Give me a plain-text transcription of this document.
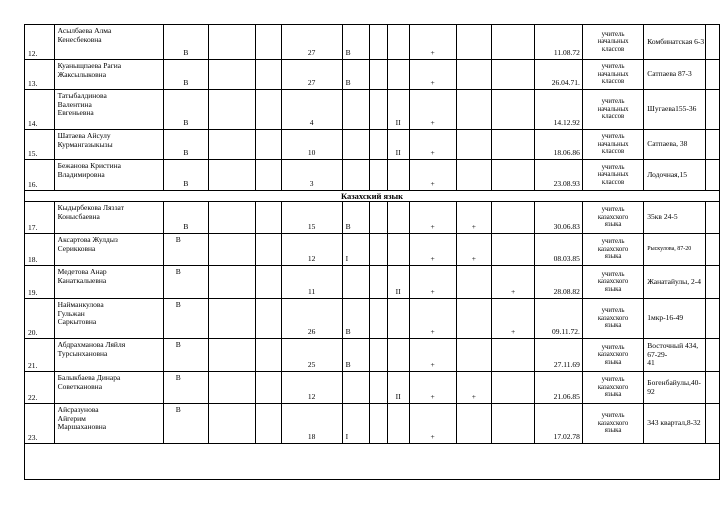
12.	Асылбаева Алма
Кенесбековна	В			27	В			+			11.08.72	учитель
начальных
классов	Комбинатская 6-3	
13.	Куаныщпаева Рагиа
Жаксылыковна	В			27	В			+			26.04.71.	учитель
начальных
классов	Сатпаева 87-3	
14.	Татыбалдинова
Валентина
Евгеньевна	В			4			II	+			14.12.92	учитель
начальных
классов	Шугаева155-36	
15.	Шатаева Айсулу
Курмангазыкызы	В			10			II	+			18.06.86	учитель
начальных
классов	Сатпаева, 38	
16.	Бежанова Кристина
Владимировна	В			3				+			23.08.93	учитель
начальных
классов	Лодочная,15	
Казахский язык															
17.	Кыдырбекова Ляззат
Конысбаевна	В			15	В			+	+		30.06.83	учитель
казахского
языка	35кв 24-5	
18.	Аксартова Жулдыз
Серикковна	В			12	I			+	+		08.03.85	учитель
казахского
языка	Рыскулова, 87-20	
19.	Медетова Анар
Канаткалыевна	В			11			II	+		+	28.08.82	учитель
казахского
языка	Жанатайулы, 2-4	
20.	Найманкулова
Гульжан
Саркытовна	В			26	В			+		+	09.11.72.	учитель
казахского
языка	1мкр-16-49	
21.	Абдрахманова Ляйля
Турсынхановна	В			25	В			+			27.11.69	учитель
казахского
языка	Восточный 434, 67-29-
41	
22.	Балыкбаева Динара
Советкановна	В			12			II	+	+		21.06.85	учитель
казахского
языка	Богенбайулы,40-92	
23.	Айсразунова
Айгерим
Маршахановна	В			18	I			+			17.02.78	учитель
казахского
языка	343 квартал,8-32	
